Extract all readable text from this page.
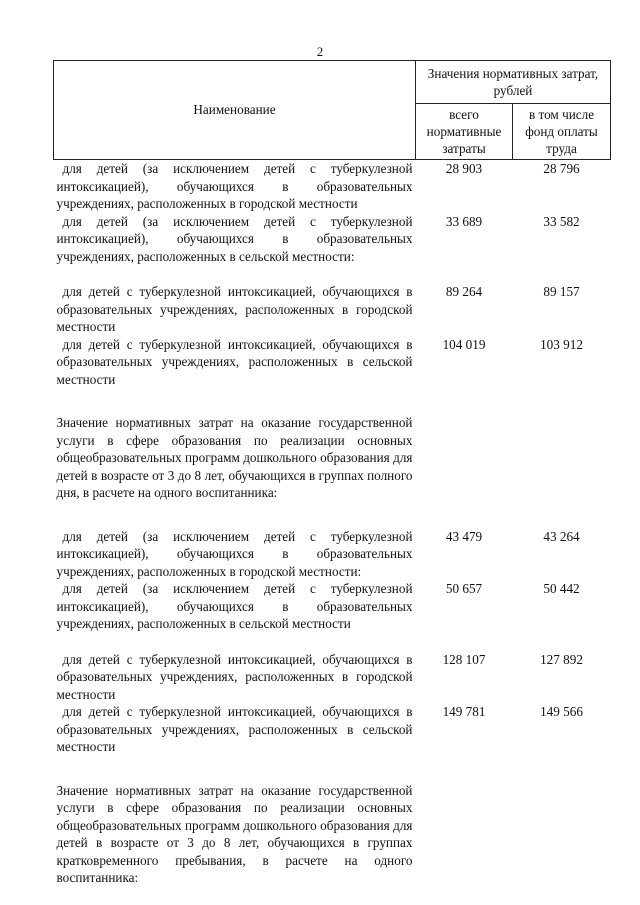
2
Наименование	Значения нормативных затрат, рублей	
	всего нормативные затраты	в том числе фонд оплаты труда
для детей (за исключением детей с туберкулезной интоксикацией), обучающихся в образовательных учреждениях, расположенных в городской местности	28 903	28 796
для детей (за исключением детей с туберкулезной интоксикацией), обучающихся в образовательных учреждениях, расположенных в сельской местности:	33 689	33 582

для детей с туберкулезной интоксикацией, обучающихся в образовательных учреждениях, расположенных в городской местности	89 264	89 157
для детей с туберкулезной интоксикацией, обучающихся в образовательных учреждениях, расположенных в сельской местности	104 019	103 912

Значение нормативных затрат на оказание государственной услуги в сфере образования по реализации основных общеобразовательных программ дошкольного образования для детей в возрасте от 3 до 8 лет, обучающихся в группах полного дня, в расчете на одного воспитанника:		

для детей (за исключением детей с туберкулезной интоксикацией), обучающихся в образовательных учреждениях, расположенных в городской местности:	43 479	43 264
для детей (за исключением детей с туберкулезной интоксикацией), обучающихся в образовательных учреждениях, расположенных в сельской местности	50 657	50 442

для детей с туберкулезной интоксикацией, обучающихся в образовательных учреждениях, расположенных в городской местности	128 107	127 892
для детей с туберкулезной интоксикацией, обучающихся в образовательных учреждениях, расположенных в сельской местности	149 781	149 566

Значение нормативных затрат на оказание государственной услуги в сфере образования по реализации основных общеобразовательных программ дошкольного образования для детей в возрасте от 3 до 8 лет, обучающихся в группах кратковременного пребывания, в расчете на одного воспитанника:		
